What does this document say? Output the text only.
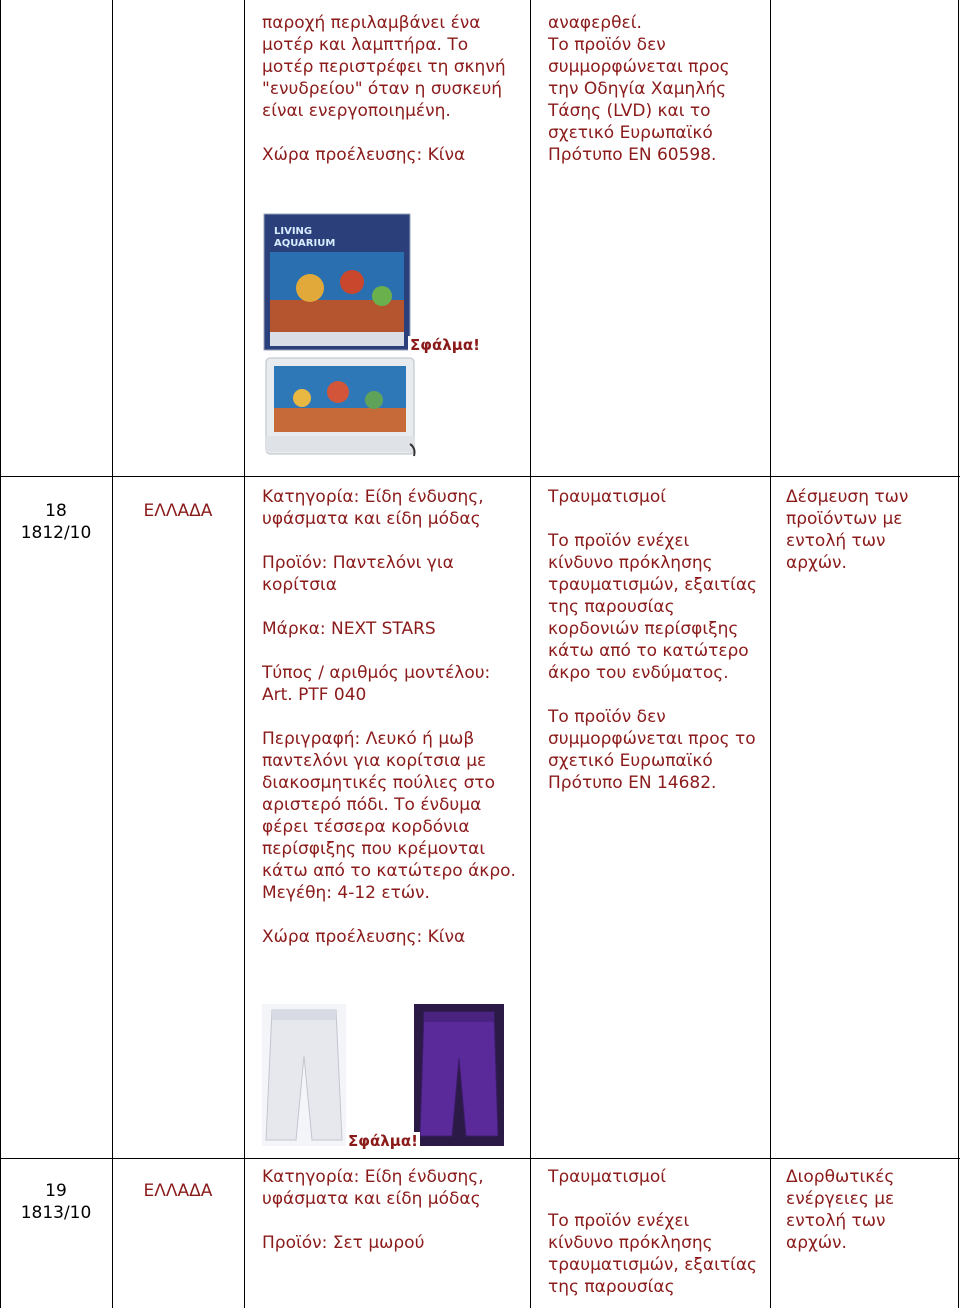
παροχή περιλαμβάνει ένα
μοτέρ και λαμπτήρα. Το
μοτέρ περιστρέφει τη σκηνή
"ενυδρείου" όταν η συσκευή
είναι ενεργοποιημένη.
Χώρα προέλευσης: Κίνα
αναφερθεί.
Το προϊόν δεν
συμμορφώνεται προς
την Οδηγία Χαμηλής
Τάσης (LVD) και το
σχετικό Ευρωπαϊκό
Πρότυπο ΕΝ 60598.
LIVING
AQUARIUM
Σφάλμα!
18
1812/10
ΕΛΛΑΔΑ
Κατηγορία: Είδη ένδυσης,
υφάσματα και είδη μόδας
Προϊόν: Παντελόνι για
κορίτσια
Μάρκα: NEXT STARS
Τύπος / αριθμός μοντέλου:
Art. PTF 040
Περιγραφή: Λευκό ή μωβ
παντελόνι για κορίτσια με
διακοσμητικές πούλιες στο
αριστερό πόδι. Το ένδυμα
φέρει τέσσερα κορδόνια
περίσφιξης που κρέμονται
κάτω από το κατώτερο άκρο.
Μεγέθη: 4-12 ετών.
Χώρα προέλευσης: Κίνα
Τραυματισμοί
Το προϊόν ενέχει
κίνδυνο πρόκλησης
τραυματισμών, εξαιτίας
της παρουσίας
κορδονιών περίσφιξης
κάτω από το κατώτερο
άκρο του ενδύματος.
Το προϊόν δεν
συμμορφώνεται προς το
σχετικό Ευρωπαϊκό
Πρότυπο ΕΝ 14682.
Δέσμευση των
προϊόντων με
εντολή των
αρχών.
Σφάλμα!
19
1813/10
ΕΛΛΑΔΑ
Κατηγορία: Είδη ένδυσης,
υφάσματα και είδη μόδας
Προϊόν: Σετ μωρού
Τραυματισμοί
Το προϊόν ενέχει
κίνδυνο πρόκλησης
τραυματισμών, εξαιτίας
της παρουσίας
Διορθωτικές
ενέργειες με
εντολή των
αρχών.
